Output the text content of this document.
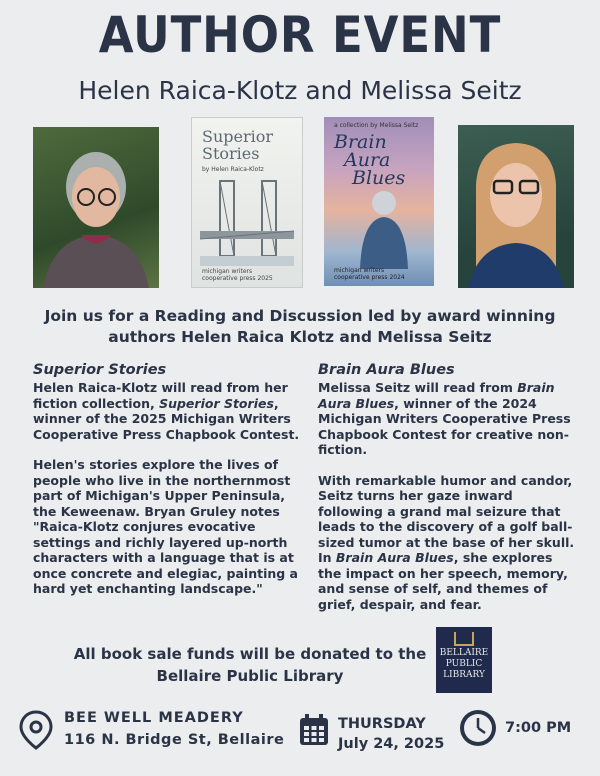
AUTHOR EVENT
Helen Raica-Klotz and Melissa Seitz
Superior
Stories
by Helen Raica-Klotz
michigan writers
cooperative press 2025
a collection by Melissa Seitz
Brain
Aura
Blues
michigan writers
cooperative press 2024
Join us for a Reading and Discussion led by award winning
authors Helen Raica Klotz and Melissa Seitz
Superior Stories

Helen Raica-Klotz will read from her fiction collection, Superior Stories, winner of the 2025 Michigan Writers Cooperative Press Chapbook Contest.

Helen's stories explore the lives of people who live in the northernmost part of Michigan's Upper Peninsula, the Keweenaw. Bryan Gruley notes "Raica-Klotz conjures evocative settings and richly layered up-north characters with a language that is at once concrete and elegiac, painting a hard yet enchanting landscape."

Brain Aura Blues

Melissa Seitz will read from Brain Aura Blues, winner of the 2024 Michigan Writers Cooperative Press Chapbook Contest for creative non-fiction.

With remarkable humor and candor, Seitz turns her gaze inward following a grand mal seizure that leads to the discovery of a golf ball-sized tumor at the base of her skull. In Brain Aura Blues, she explores the impact on her speech, memory, and sense of self, and themes of grief, despair, and fear.

All book sale funds will be donated to the
Bellaire Public Library
BELLAIRE
PUBLIC
LIBRARY
BEE WELL MEADERY
116 N. Bridge St, Bellaire
THURSDAY
July 24, 2025
7:00 PM
